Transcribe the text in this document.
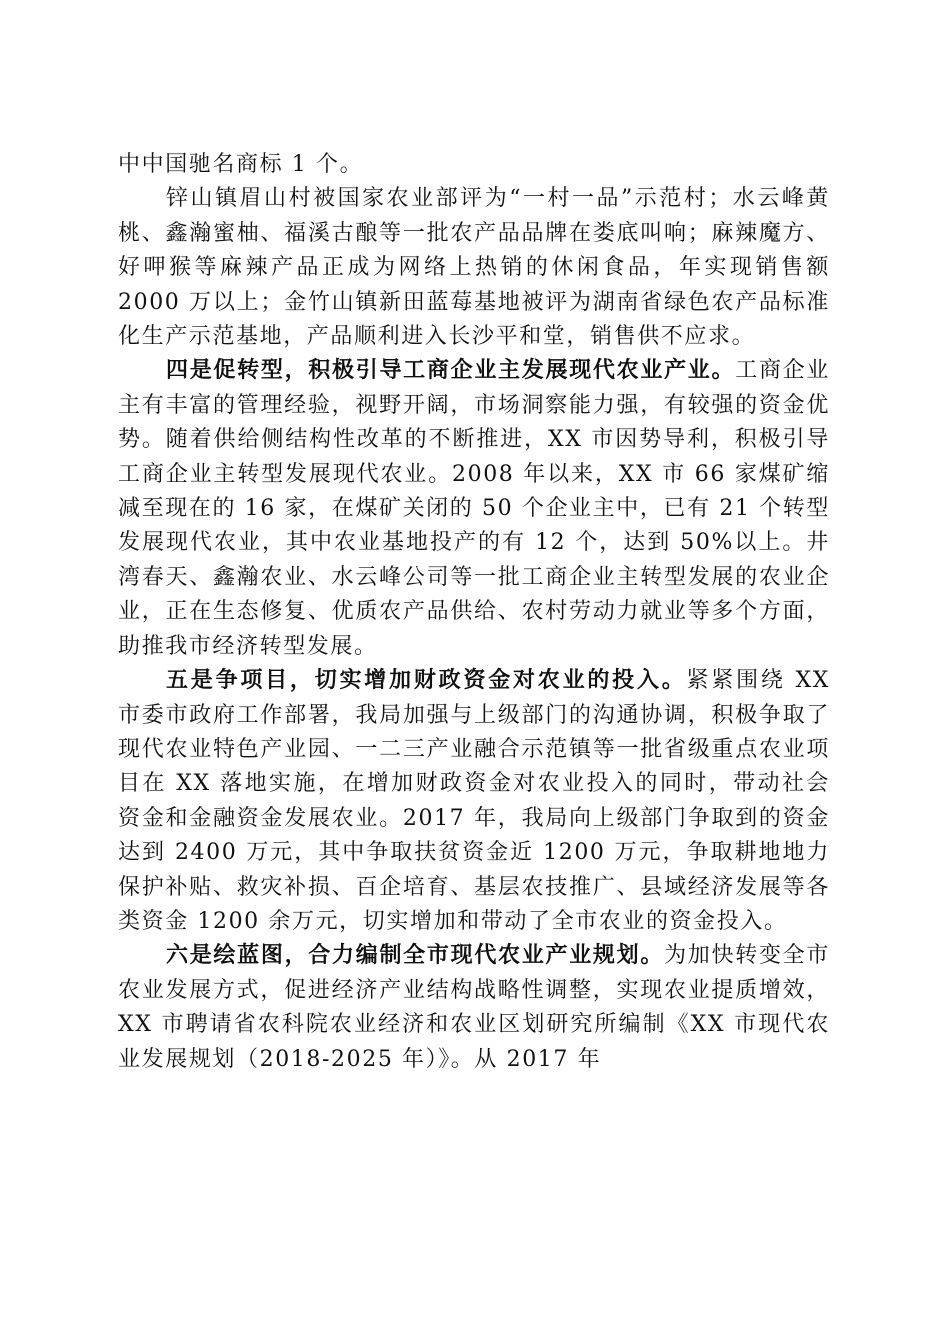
中中国驰名商标 1 个。

锌山镇眉山村被国家农业部评为“一村一品”示范村；水云峰黄桃、鑫瀚蜜柚、福溪古酿等一批农产品品牌在娄底叫响；麻辣魔方、好呷猴等麻辣产品正成为网络上热销的休闲食品，年实现销售额 2000 万以上；金竹山镇新田蓝莓基地被评为湖南省绿色农产品标准化生产示范基地，产品顺利进入长沙平和堂，销售供不应求。

四是促转型，积极引导工商企业主发展现代农业产业。工商企业主有丰富的管理经验，视野开阔，市场洞察能力强，有较强的资金优势。随着供给侧结构性改革的不断推进，XX 市因势导利，积极引导工商企业主转型发展现代农业。2008 年以来，XX 市 66 家煤矿缩减至现在的 16 家，在煤矿关闭的 50 个企业主中，已有 21 个转型发展现代农业，其中农业基地投产的有 12 个，达到 50%以上。井湾春天、鑫瀚农业、水云峰公司等一批工商企业主转型发展的农业企业，正在生态修复、优质农产品供给、农村劳动力就业等多个方面，助推我市经济转型发展。

五是争项目，切实增加财政资金对农业的投入。紧紧围绕 XX 市委市政府工作部署，我局加强与上级部门的沟通协调，积极争取了现代农业特色产业园、一二三产业融合示范镇等一批省级重点农业项目在 XX 落地实施，在增加财政资金对农业投入的同时，带动社会资金和金融资金发展农业。2017 年，我局向上级部门争取到的资金达到 2400 万元，其中争取扶贫资金近 1200 万元，争取耕地地力保护补贴、救灾补损、百企培育、基层农技推广、县域经济发展等各类资金 1200 余万元，切实增加和带动了全市农业的资金投入。

六是绘蓝图，合力编制全市现代农业产业规划。为加快转变全市农业发展方式，促进经济产业结构战略性调整，实现农业提质增效，XX 市聘请省农科院农业经济和农业区划研究所编制《XX 市现代农业发展规划（2018-2025 年）》。从 2017 年
